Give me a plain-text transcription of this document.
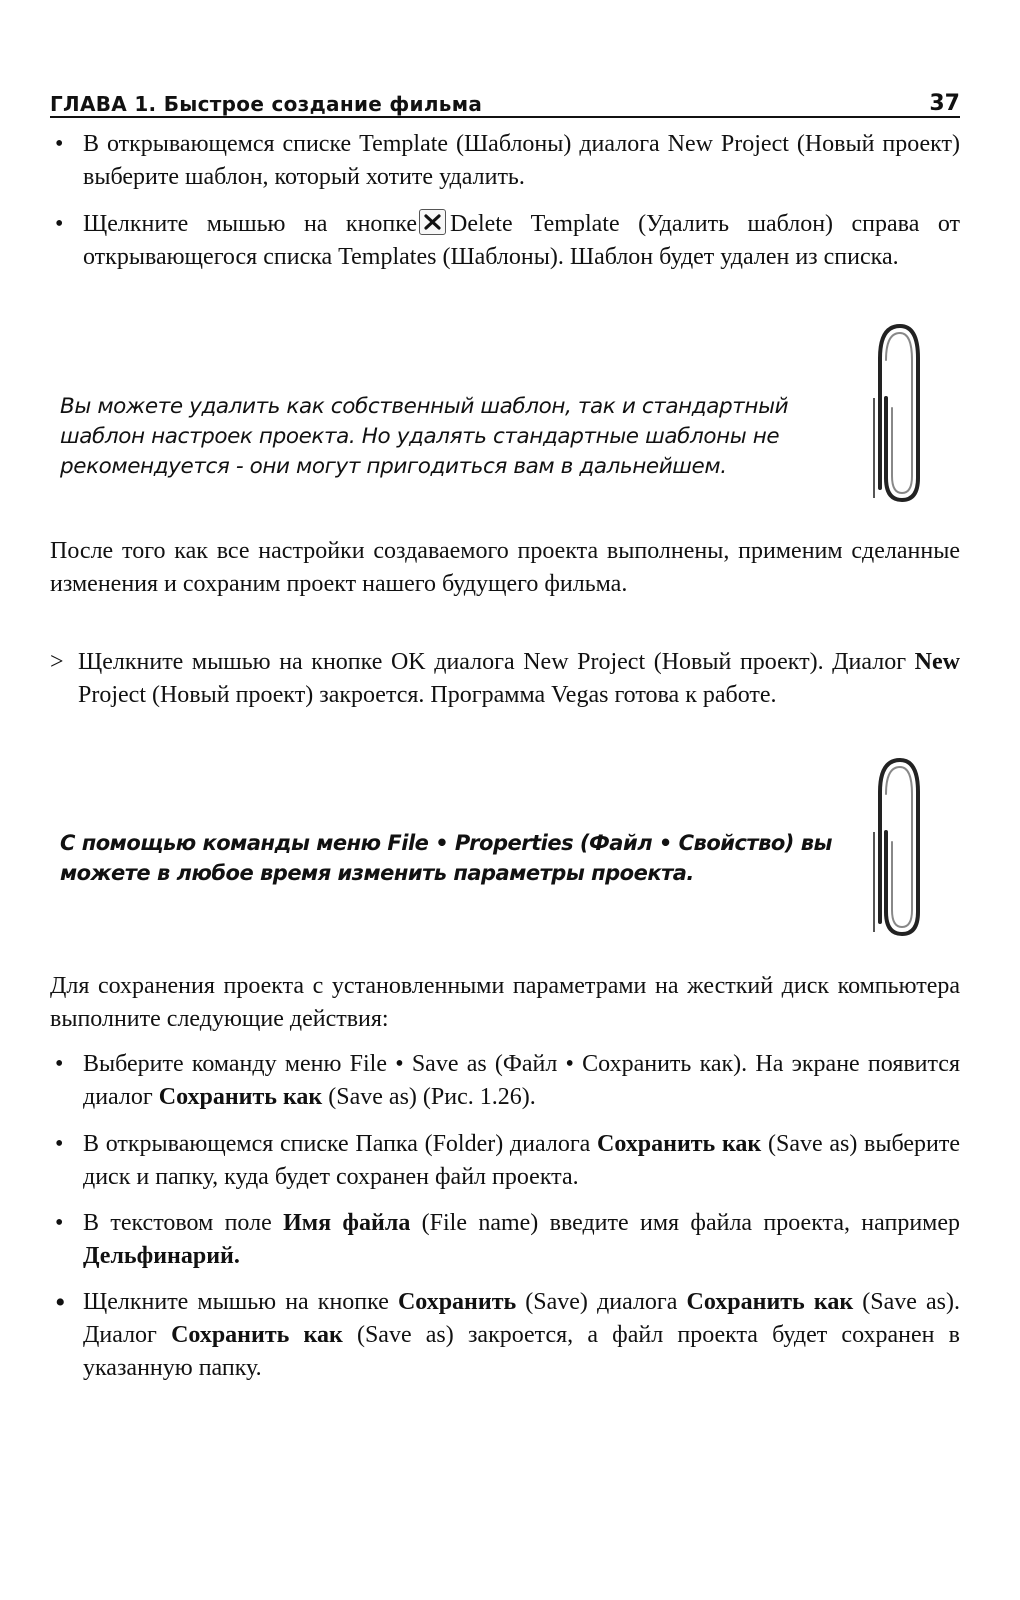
ГЛАВА 1. Быстрое создание фильма	37
• В открывающемся списке Template (Шаблоны) диалога New Project (Новый проект) выберите шаблон, который хотите удалить.

• Щелкните мышью на кнопке Delete Template (Удалить шаблон) справа от открывающегося списка Templates (Шаблоны). Шаблон будет удален из списка.

Вы можете удалить как собственный шаблон, так и стандартный шаблон настроек проекта. Но удалять стандартные шаблоны не рекомендуется - они могут пригодиться вам в дальнейшем.

После того как все настройки создаваемого проекта выполнены, применим сделанные изменения и сохраним проект нашего будущего фильма.

> Щелкните мышью на кнопке OK диалога New Project (Новый проект). Диалог New Project (Новый проект) закроется. Программа Vegas готова к работе.

С помощью команды меню File • Properties (Файл • Свойство) вы можете в любое время изменить параметры проекта.

Для сохранения проекта с установленными параметрами на жесткий диск компьютера выполните следующие действия:

• Выберите команду меню File • Save as (Файл • Сохранить как). На экране появится диалог Сохранить как (Save as) (Рис. 1.26).

• В открывающемся списке Папка (Folder) диалога Сохранить как (Save as) выберите диск и папку, куда будет сохранен файл проекта.

• В текстовом поле Имя файла (File name) введите имя файла проекта, например Дельфинарий.

• Щелкните мышью на кнопке Сохранить (Save) диалога Сохранить как (Save as). Диалог Сохранить как (Save as) закроется, а файл проекта будет сохранен в указанную папку.
